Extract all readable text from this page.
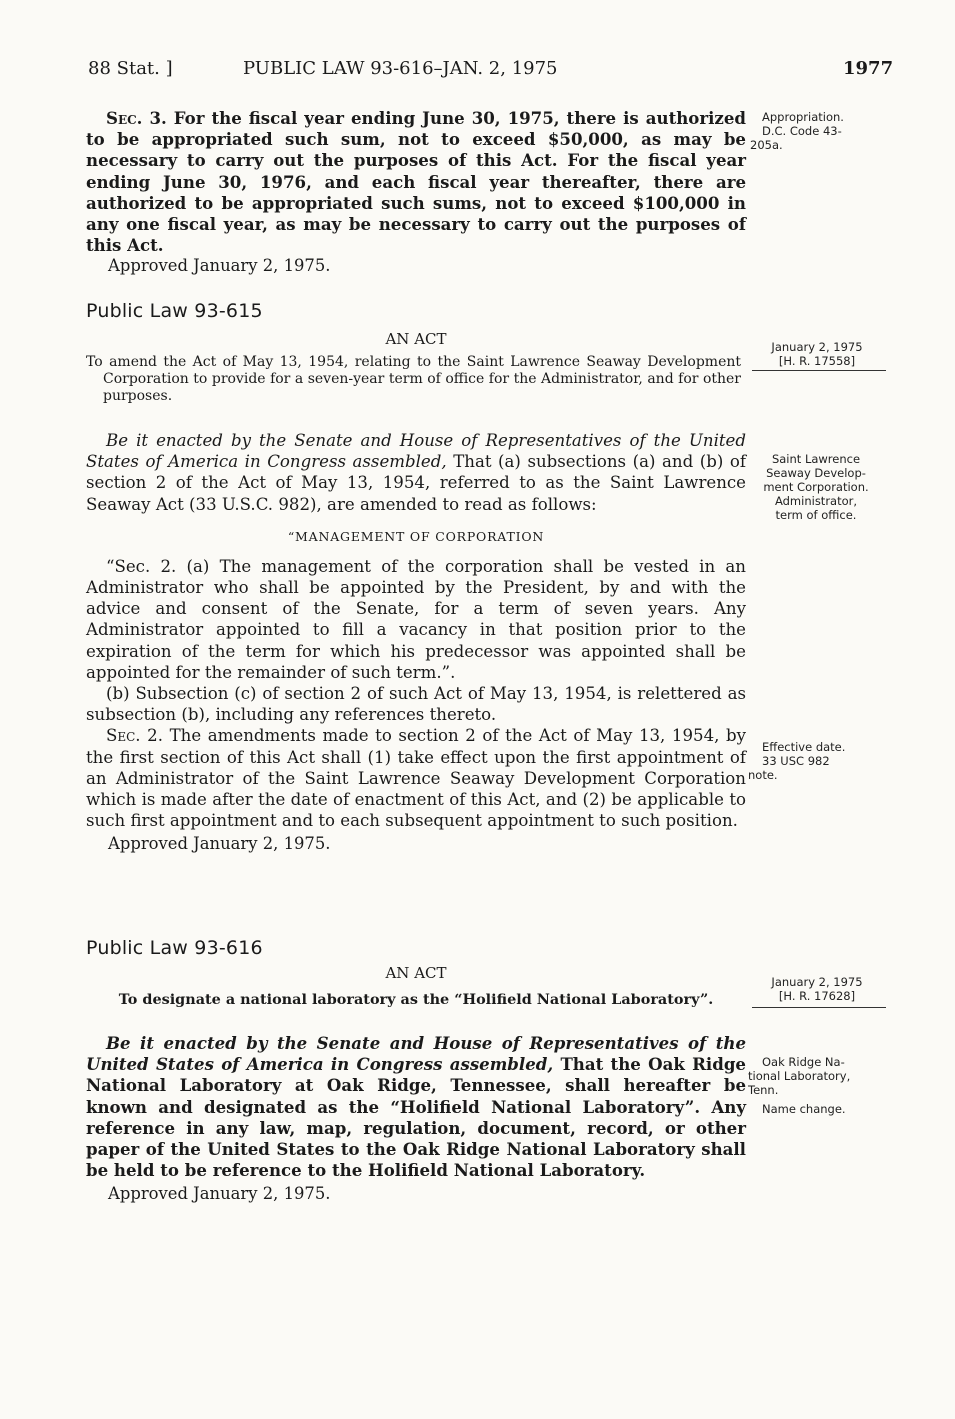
88 Stat. ]	PUBLIC LAW 93-616–JAN. 2, 1975	1977

Sec. 3. For the fiscal year ending June 30, 1975, there is authorized to be appropriated such sum, not to exceed $50,000, as may be necessary to carry out the purposes of this Act. For the fiscal year ending June 30, 1976, and each fiscal year thereafter, there are authorized to be appropriated such sums, not to exceed $100,000 in any one fiscal year, as may be necessary to carry out the purposes of this Act.

Approved January 2, 1975.

Appropriation.
D.C. Code 43-
205a.
Public Law 93-615
AN ACT

To amend the Act of May 13, 1954, relating to the Saint Lawrence Seaway Development Corporation to provide for a seven-year term of office for the Administrator, and for other purposes.

January 2, 1975
[H. R. 17558]

Be it enacted by the Senate and House of Representatives of the United States of America in Congress assembled, That (a) subsections (a) and (b) of section 2 of the Act of May 13, 1954, referred to as the Saint Lawrence Seaway Act (33 U.S.C. 982), are amended to read as follows:

“MANAGEMENT OF CORPORATION

“Sec. 2. (a) The management of the corporation shall be vested in an Administrator who shall be appointed by the President, by and with the advice and consent of the Senate, for a term of seven years. Any Administrator appointed to fill a vacancy in that position prior to the expiration of the term for which his predecessor was appointed shall be appointed for the remainder of such term.”.

(b) Subsection (c) of section 2 of such Act of May 13, 1954, is relettered as subsection (b), including any references thereto.

Sec. 2. The amendments made to section 2 of the Act of May 13, 1954, by the first section of this Act shall (1) take effect upon the first appointment of an Administrator of the Saint Lawrence Seaway Development Corporation which is made after the date of enactment of this Act, and (2) be applicable to such first appointment and to each subsequent appointment to such position.

Approved January 2, 1975.

Saint Lawrence
Seaway Develop-
ment Corporation.
Administrator,
term of office.
Effective date.
33 USC 982
note.
Public Law 93-616
AN ACT

To designate a national laboratory as the “Holifield National Laboratory”.

January 2, 1975
[H. R. 17628]

Be it enacted by the Senate and House of Representatives of the United States of America in Congress assembled, That the Oak Ridge National Laboratory at Oak Ridge, Tennessee, shall hereafter be known and designated as the “Holifield National Laboratory”. Any reference in any law, map, regulation, document, record, or other paper of the United States to the Oak Ridge National Laboratory shall be held to be reference to the Holifield National Laboratory.

Approved January 2, 1975.

Oak Ridge Na-
tional Laboratory,
Tenn.
Name change.
